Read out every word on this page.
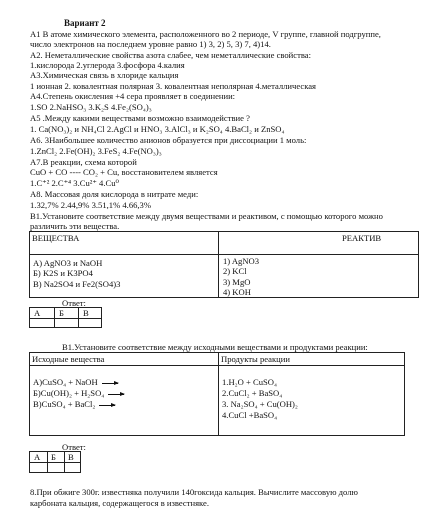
Вариант 2
A1 В атоме химического элемента, расположенного во 2 периоде, V группе, главной подгруппе,
число электронов на последнем уровне равно 1) 3, 2) 5, 3) 7, 4)14.
A2. Неметаллические свойства азота слабее, чем неметаллические свойства:
1.кислорода 2.углерода 3.фосфора 4.калия
A3.Химическая связь в хлориде кальция
1 ионная 2. ковалентная полярная 3. ковалентная неполярная 4.металлическая
A4.Степень окисления +4 сера проявляет в соединении:
1.SO 2.NaHSO₃ 3.K₂S 4.Fe₂(SO₄)₃
A5 .Между какими веществами возможно взаимодействие ?
1. Ca(NO₃)₂ и NH₄Cl 2.AgCl и HNO₃ 3.AlCl₃ и K₂SO₄ 4.BaCl₂ и ZnSO₄
A6. 3Наибольшее количество анионов образуется при диссоциации 1 моль:
1.ZnCl₂ 2.Fe(OH)₂ 3.FeS₂ 4.Fe(NO₃)₃
A7.В реакции, схема которой
CuO + CO ---- CO₂ + Cu, восстановителем является
1.C⁺² 2.C⁺⁴ 3.Cu²⁺ 4.Cu⁰
A8. Массовая доля кислорода в нитрате меди:
1.32,7% 2.44,9% 3.51,1% 4.66,3%
B1.Установите соответствие между двумя веществами и реактивом, с помощью которого можно
различить эти вещества.
ВЕЩЕСТВА	РЕАКТИВ
A) AgNO3 и NaOH
Б) K2S и K3PO4
B) Na2SO4 и Fe2(SO4)3
1) AgNO3
2) KCl
3) MgO
4) KOH
Ответ:
A Б B
B1.Установите соответствие между исходными веществами и продуктами реакции:
Исходные вещества	Продукты реакции
A)CuSO₄ + NaOH
Б)Cu(OH)₂ + H₂SO₄
B)CuSO₄ + BaCl₂
1.H₂O + CuSO₄
2.CuCl₂ + BaSO₄
3. Na₂SO₄ + Cu(OH)₂
4.CuCl +BaSO₄
Ответ:
A Б B
8.При обжиге 300г. известняка получили 140гоксида кальция. Вычислите массовую долю
карбоната кальция, содержащегося в известняке.
